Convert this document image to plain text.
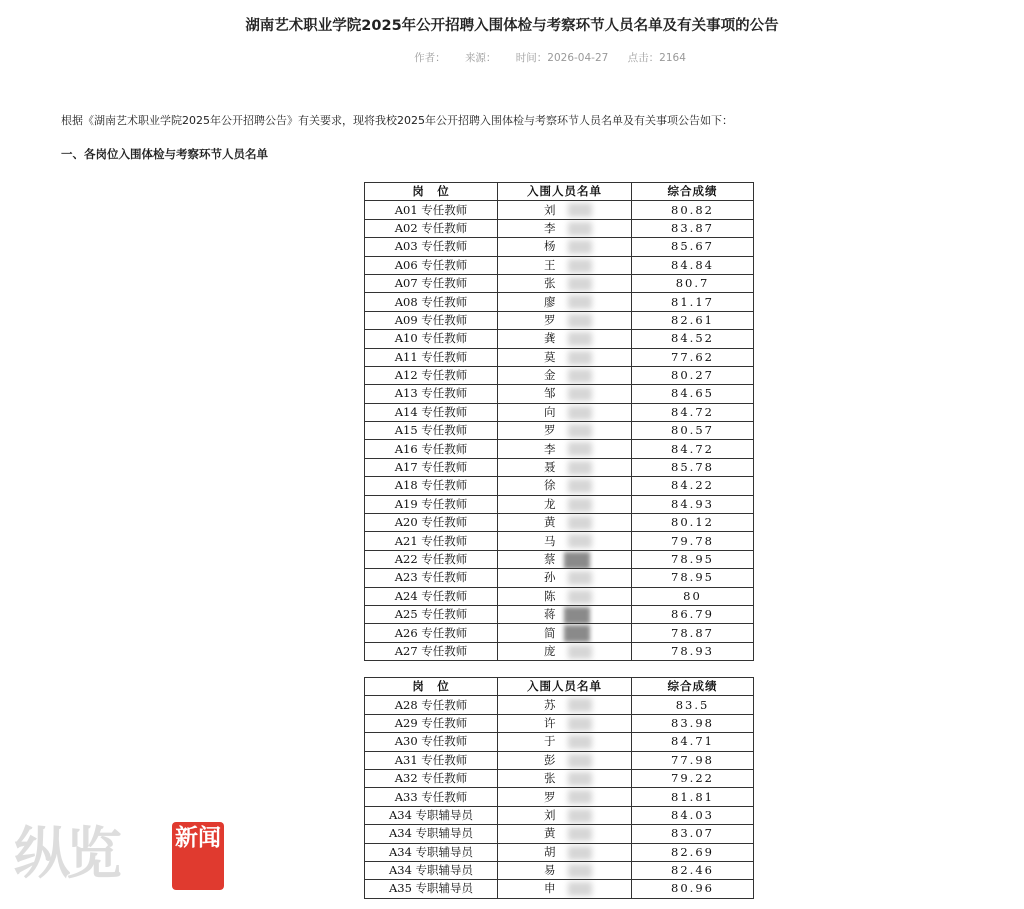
湖南艺术职业学院2025年公开招聘入围体检与考察环节人员名单及有关事项的公告
作者： 来源： 时间：2026-04-27 点击：2164
根据《湖南艺术职业学院2025年公开招聘公告》有关要求，现将我校2025年公开招聘入围体检与考察环节人员名单及有关事项公告如下：
一、各岗位入围体检与考察环节人员名单
岗　位	入围人员名单	综合成绩
A01 专任教师	刘	80.82
A02 专任教师	李	83.87
A03 专任教师	杨	85.67
A06 专任教师	王	84.84
A07 专任教师	张	80.7
A08 专任教师	廖	81.17
A09 专任教师	罗	82.61
A10 专任教师	龚	84.52
A11 专任教师	莫	77.62
A12 专任教师	金	80.27
A13 专任教师	邹	84.65
A14 专任教师	向	84.72
A15 专任教师	罗	80.57
A16 专任教师	李	84.72
A17 专任教师	聂	85.78
A18 专任教师	徐	84.22
A19 专任教师	龙	84.93
A20 专任教师	黄	80.12
A21 专任教师	马	79.78
A22 专任教师	蔡	78.95
A23 专任教师	孙	78.95
A24 专任教师	陈	80
A25 专任教师	蒋	86.79
A26 专任教师	简	78.87
A27 专任教师	庞	78.93
岗　位	入围人员名单	综合成绩
A28 专任教师	苏	83.5
A29 专任教师	许	83.98
A30 专任教师	于	84.71
A31 专任教师	彭	77.98
A32 专任教师	张	79.22
A33 专任教师	罗	81.81
A34 专职辅导员	刘	84.03
A34 专职辅导员	黄	83.07
A34 专职辅导员	胡	82.69
A34 专职辅导员	易	82.46
A35 专职辅导员	申	80.96
纵览 新闻
